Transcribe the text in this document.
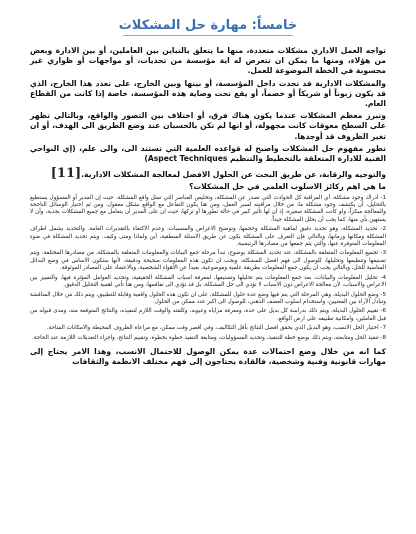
خامساً: مهارة حل المشكلات

تواجه العمل الاداري مشكلات متعددة، منها ما يتعلق بالتباين بين العاملين، أو بين الادارة وبعض من هؤلاء، ومنها ما يمكن ان تتعرض له اية مؤسسة من تحديات، أو مواجهات أو ظواري غير محسوبة في الخطة الموضوعة للعمل.

والمشكلات الادارية قد تحدث داخل المؤسسة، أو بينها وبين الخارج، على تعدد هذا الخارج، الذي قد يكون زبوناً أو شريكاً أو خصماً، أو يقع تحت وصاية هذه المؤسسة، خاصة إذا كانت من القطاع العام.

وتبرز معظم المشكلات عندما يكون هناك فرق، أو اختلاف بين التصور والواقع، وبالتالي تظهر على السطح معوقات كانت مجهولة، أو انها لم تكن بالحسبان عند وضع الطريق الى الهدف، أو ان تغير الظروف قد أوجدها.

تطور مفهوم حل المشكلات واصبح له قواعده العلمية التي تستند الى، والى علم، (إي النواحي الفنية للادارة المتعلقة بالتخطيط والتنظيم (Aspect Techniques

والتوجيه والرقابة، عن طريق البحث عن الحلول الافضل لمعالجة المشكلات الادارية.[11]

ما هي اهم ركائز الاسلوب العلمي في حل المشكلات؟

1- ادراك وجود مشكلة، أي المراقبة كل الحوادث التي تصدر عن المشكلة، وتخليص العناصر التي تمثل واقع المشكلة. حيث إن المدير أو المسؤول يستطيع بالتحليل، أن يكتشف وجود مشكلة ما، من خلال مراقبته لسير العمل، ومن هنا يكون التفاعل مع الواقع بشكل معقول، ومن ثم اختيار الوسائل الناجحة والمعالجة مبكراً، ولو كانت المشكلة صغيرة، إذ أن لها تأثير كبير في حالة تطورها أو تركها، حيث ان على المدير أن يتعامل مع جميع المشكلات بجدية، وأن لا يستهين بأي منها، كما يجب أن يحلل المشكلة جيداً.

2- تحديد المشكلة، وهو تحديد دقيق لماهية المشكلة وحجمها، وتوضيح الاعراض والمسببات، وعدم الاكتفاء بالتقديرات العامة. والتحديد يشمل اطراف المشكلة ومكانها وزمانها، وبالتالي فإن التعرف على المشكلة يكون عن طريق الاسئلة المنطقية، أين ولماذا ومتى وكيف. ويتم تحديد المشكلة في ضوء المعلومات المتوفرة عنها، والتي يتم جمعها من مصادرها الرئيسية.

3- تجميع المعلومات المتعلقة بالمشكلة، عند تحديد المشكلة بوضوح، تبدأ مرحلة جمع البيانات والمعلومات المتعلقة بالمشكلة، من مصادرها المختلفة، ويتم تصنيفها وتنظيمها وتحليلها، للوصول الى فهم افضل للمشكلة، ويجب ان تكون هذه المعلومات صحيحة ودقيقة، لأنها ستكون الاساس في وضع البدائل المناسبة للحل، وبالتالي يجب ان يكون جمع المعلومات بطريقة علمية وموضوعية، بعيداً عن الاهواء الشخصية، وبالاعتماد على المصادر الموثوقة.

4- تحليل المعلومات والبيانات، بعد جمع المعلومات يتم تحليلها وتصنيفها، لمعرفة اسباب المشكلة الحقيقية، وتحديد العوامل المؤثرة فيها، والتمييز بين الاعراض والاسباب، لأن معالجة الاعراض دون الاسباب لا تؤدي الى حل المشكلة، بل قد تؤدي الى تفاقمها، ومن هنا تأتي اهمية التحليل الدقيق.

5- وضع الحلول البديلة، وهي المرحلة التي يتم فيها وضع عدة حلول للمشكلة، على ان تكون هذه الحلول واقعية وقابلة للتطبيق، ويتم ذلك من خلال المناقشة وتبادل الآراء بين المعنيين، واستخدام اسلوب العصف الذهني، للوصول الى اكبر عدد ممكن من الحلول.

6- تقييم الحلول البديلة، ويتم ذلك بدراسة كل بديل على حدة، ومعرفة مزاياه وعيوبه، وكلفته والوقت اللازم لتنفيذه، والنتائج المتوقعة منه، ومدى قبوله من قبل العاملين، وامكانية تطبيقه على ارض الواقع.

7- اختيار الحل الانسب، وهو البديل الذي يحقق افضل النتائج بأقل التكاليف، وفي أقصر وقت ممكن، مع مراعاة الظروف المحيطة والامكانات المتاحة.

8- تنفيذ الحل ومتابعته، ويتم ذلك بوضع خطة للتنفيذ، وتحديد المسؤوليات، ومتابعة التنفيذ خطوة بخطوة، وتقييم النتائج، واجراء التعديلات اللازمة عند الحاجة.

كما انه من خلال وضع احتمالات عدة يمكن الوصول للاحتمال الانسب، وهذا الامر يحتاج إلى مهارات قانونية وفنية وشخصية، فالقادة يحتاجون إلى فهم مختلف الانظمة والثقافات
